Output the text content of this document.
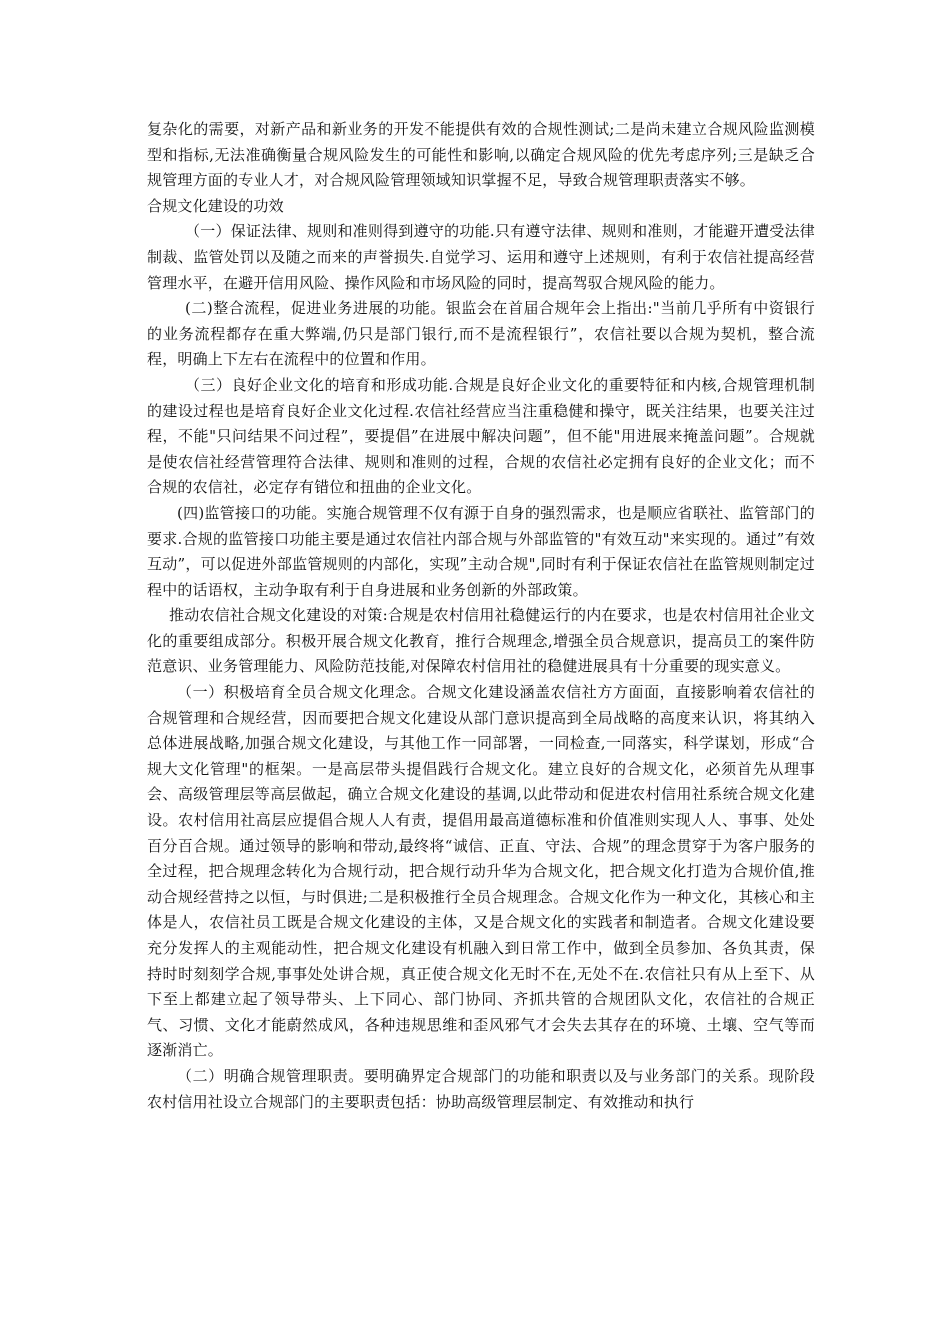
复杂化的需要，对新产品和新业务的开发不能提供有效的合规性测试;二是尚未建立合规风险监测模型和指标,无法准确衡量合规风险发生的可能性和影响,以确定合规风险的优先考虑序列;三是缺乏合规管理方面的专业人才，对合规风险管理领域知识掌握不足，导致合规管理职责落实不够。

合规文化建设的功效

（一）保证法律、规则和准则得到遵守的功能.只有遵守法律、规则和准则，才能避开遭受法律制裁、监管处罚以及随之而来的声誉损失.自觉学习、运用和遵守上述规则，有利于农信社提高经营管理水平，在避开信用风险、操作风险和市场风险的同时，提高驾驭合规风险的能力。

(二)整合流程，促进业务进展的功能。银监会在首届合规年会上指出:"当前几乎所有中资银行的业务流程都存在重大弊端,仍只是部门银行,而不是流程银行”，农信社要以合规为契机，整合流程，明确上下左右在流程中的位置和作用。

（三）良好企业文化的培育和形成功能.合规是良好企业文化的重要特征和内核,合规管理机制的建设过程也是培育良好企业文化过程.农信社经营应当注重稳健和操守，既关注结果，也要关注过程，不能"只问结果不问过程”，要提倡”在进展中解决问题”，但不能"用进展来掩盖问题”。合规就是使农信社经营管理符合法律、规则和准则的过程，合规的农信社必定拥有良好的企业文化；而不合规的农信社，必定存有错位和扭曲的企业文化。

(四)监管接口的功能。实施合规管理不仅有源于自身的强烈需求，也是顺应省联社、监管部门的要求.合规的监管接口功能主要是通过农信社内部合规与外部监管的"有效互动"来实现的。通过”有效互动”，可以促进外部监管规则的内部化，实现”主动合规",同时有利于保证农信社在监管规则制定过程中的话语权，主动争取有利于自身进展和业务创新的外部政策。

推动农信社合规文化建设的对策:合规是农村信用社稳健运行的内在要求，也是农村信用社企业文化的重要组成部分。积极开展合规文化教育，推行合规理念,增强全员合规意识，提高员工的案件防范意识、业务管理能力、风险防范技能,对保障农村信用社的稳健进展具有十分重要的现实意义。

（一）积极培育全员合规文化理念。合规文化建设涵盖农信社方方面面，直接影响着农信社的合规管理和合规经营，因而要把合规文化建设从部门意识提高到全局战略的高度来认识，将其纳入总体进展战略,加强合规文化建设，与其他工作一同部署，一同检查,一同落实，科学谋划，形成“合规大文化管理"的框架。一是高层带头提倡践行合规文化。建立良好的合规文化，必须首先从理事会、高级管理层等高层做起，确立合规文化建设的基调,以此带动和促进农村信用社系统合规文化建设。农村信用社高层应提倡合规人人有责，提倡用最高道德标准和价值准则实现人人、事事、处处百分百合规。通过领导的影响和带动,最终将“诚信、正直、守法、合规”的理念贯穿于为客户服务的全过程，把合规理念转化为合规行动，把合规行动升华为合规文化，把合规文化打造为合规价值,推动合规经营持之以恒，与时俱进;二是积极推行全员合规理念。合规文化作为一种文化，其核心和主体是人，农信社员工既是合规文化建设的主体，又是合规文化的实践者和制造者。合规文化建设要充分发挥人的主观能动性，把合规文化建设有机融入到日常工作中，做到全员参加、各负其责，保持时时刻刻学合规,事事处处讲合规，真正使合规文化无时不在,无处不在.农信社只有从上至下、从下至上都建立起了领导带头、上下同心、部门协同、齐抓共管的合规团队文化，农信社的合规正气、习惯、文化才能蔚然成风，各种违规思维和歪风邪气才会失去其存在的环境、土壤、空气等而逐渐消亡。

（二）明确合规管理职责。要明确界定合规部门的功能和职责以及与业务部门的关系。现阶段农村信用社设立合规部门的主要职责包括：协助高级管理层制定、有效推动和执行
